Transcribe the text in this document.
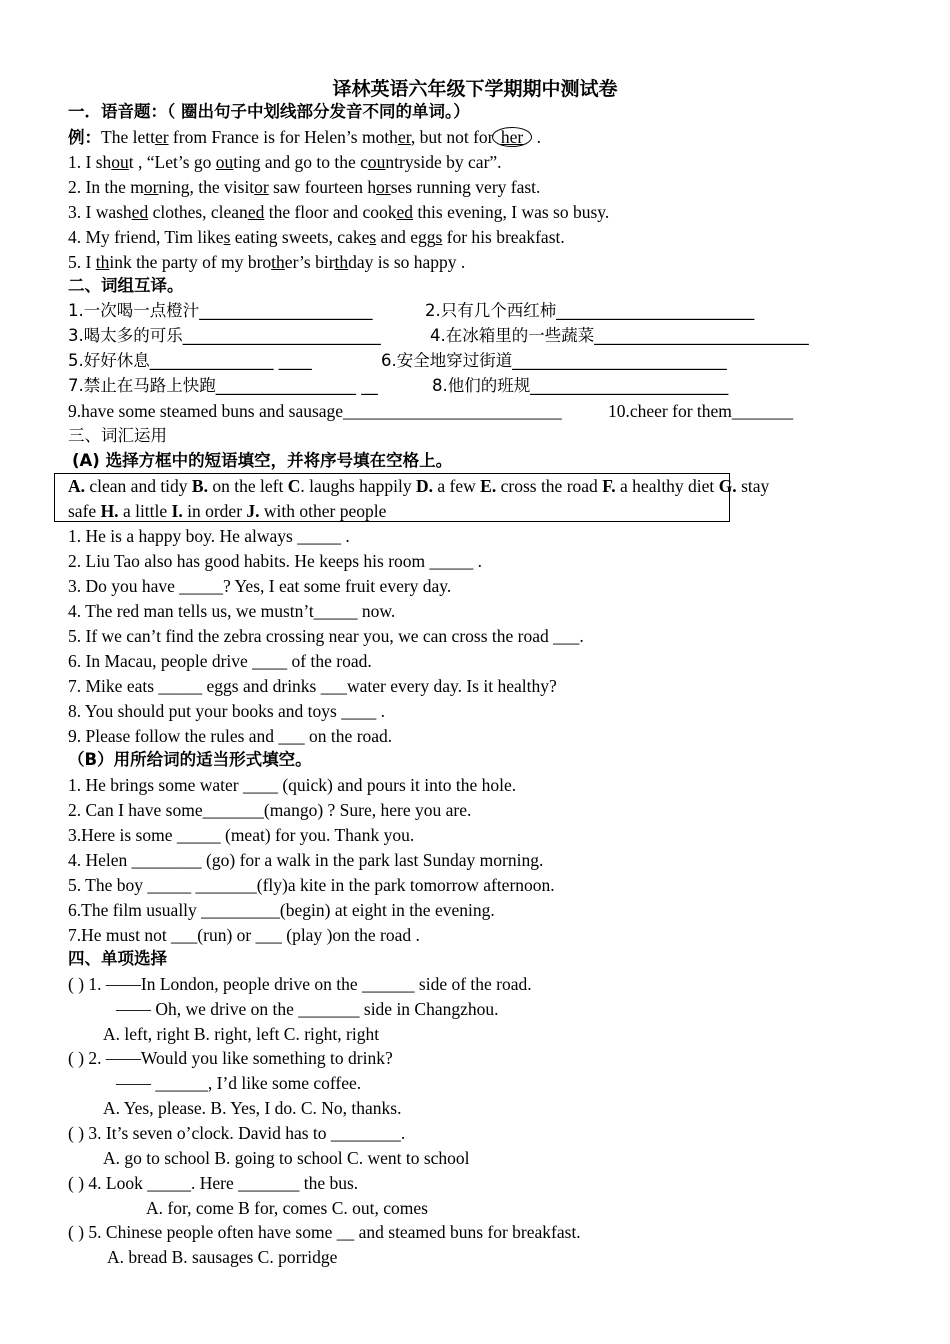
译林英语六年级下学期期中测试卷
一．语音题：（ 圈出句子中划线部分发音不同的单词。）
例：The letter from France is for Helen’s mother, but not for her .
1. I shout , “Let’s go outing and go to the countryside by car”.
2. In the morning, the visitor saw fourteen horses running very fast.
3. I washed clothes, cleaned the floor and cooked this evening, I was so busy.
4. My friend, Tim likes eating sweets, cakes and eggs for his breakfast.
5. I think the party of my brother’s birthday is so happy .
二、词组互译。
1.一次喝一点橙汁_____________________	2.只有几个西红柿________________________
3.喝太多的可乐________________________	4.在冰箱里的一些蔬菜__________________________
5.好好休息_______________ ____	6.安全地穿过街道__________________________
7.禁止在马路上快跑_________________ __	8.他们的班规________________________
9.have some steamed buns and sausage_________________________	10.cheer for them_______
三、词汇运用
(A) 选择方框中的短语填空，并将序号填在空格上。
A. clean and tidy B. on the left C. laughs happily D. a few E. cross the road F. a healthy diet G. stay
safe H. a little I. in order J. with other people
1. He is a happy boy. He always _____ .
2. Liu Tao also has good habits. He keeps his room _____ .
3. Do you have _____? Yes, I eat some fruit every day.
4. The red man tells us, we mustn’t_____ now.
5. If we can’t find the zebra crossing near you, we can cross the road ___.
6. In Macau, people drive ____ of the road.
7. Mike eats _____ eggs and drinks ___water every day. Is it healthy?
8. You should put your books and toys ____ .
9. Please follow the rules and ___ on the road.
（B）用所给词的适当形式填空。
1. He brings some water ____ (quick) and pours it into the hole.
2. Can I have some_______(mango) ? Sure, here you are.
3.Here is some _____ (meat) for you. Thank you.
4. Helen ________ (go) for a walk in the park last Sunday morning.
5. The boy _____ _______(fly)a kite in the park tomorrow afternoon.
6.The film usually _________(begin) at eight in the evening.
7.He must not ___(run) or ___ (play )on the road .
四、单项选择
( ) 1. ——In London, people drive on the ______ side of the road.
—— Oh, we drive on the _______ side in Changzhou.
A. left, right B. right, left C. right, right
( ) 2. ——Would you like something to drink?
—— ______, I’d like some coffee.
A. Yes, please. B. Yes, I do. C. No, thanks.
( ) 3. It’s seven o’clock. David has to ________.
A. go to school B. going to school C. went to school
( ) 4. Look _____. Here _______ the bus.
A. for, come B for, comes C. out, comes
( ) 5. Chinese people often have some __ and steamed buns for breakfast.
A. bread B. sausages C. porridge
